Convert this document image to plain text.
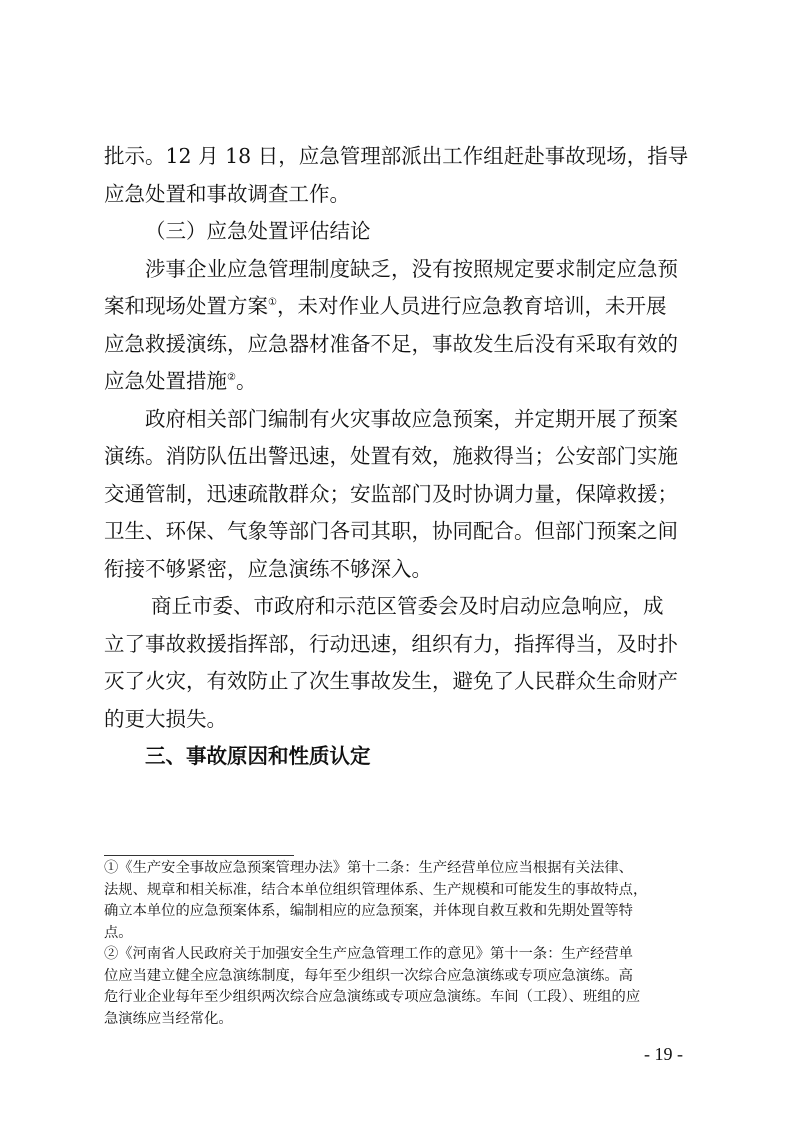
批示。12 月 18 日，应急管理部派出工作组赶赴事故现场，指导
应急处置和事故调查工作。
（三）应急处置评估结论
涉事企业应急管理制度缺乏，没有按照规定要求制定应急预
案和现场处置方案①，未对作业人员进行应急教育培训，未开展
应急救援演练，应急器材准备不足，事故发生后没有采取有效的
应急处置措施②。
政府相关部门编制有火灾事故应急预案，并定期开展了预案
演练。消防队伍出警迅速，处置有效，施救得当；公安部门实施
交通管制，迅速疏散群众；安监部门及时协调力量，保障救援；
卫生、环保、气象等部门各司其职，协同配合。但部门预案之间
衔接不够紧密，应急演练不够深入。
商丘市委、市政府和示范区管委会及时启动应急响应，成
立了事故救援指挥部，行动迅速，组织有力，指挥得当，及时扑
灭了火灾，有效防止了次生事故发生，避免了人民群众生命财产
的更大损失。
三、事故原因和性质认定
①《生产安全事故应急预案管理办法》第十二条：生产经营单位应当根据有关法律、
法规、规章和相关标准，结合本单位组织管理体系、生产规模和可能发生的事故特点，
确立本单位的应急预案体系，编制相应的应急预案，并体现自救互救和先期处置等特
点。
②《河南省人民政府关于加强安全生产应急管理工作的意见》第十一条：生产经营单
位应当建立健全应急演练制度，每年至少组织一次综合应急演练或专项应急演练。高
危行业企业每年至少组织两次综合应急演练或专项应急演练。车间（工段）、班组的应
急演练应当经常化。
- 19 -
